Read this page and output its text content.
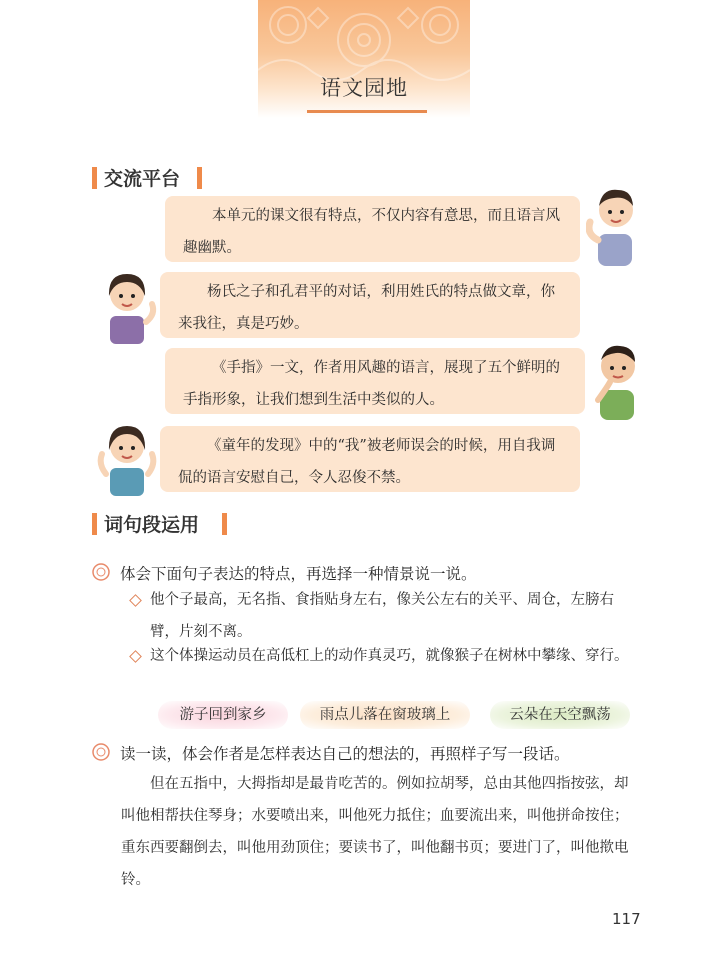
语文园地
交流平台

本单元的课文很有特点，不仅内容有意思，而且语言风趣幽默。

杨氏之子和孔君平的对话，利用姓氏的特点做文章，你来我往，真是巧妙。

《手指》一文，作者用风趣的语言，展现了五个鲜明的手指形象，让我们想到生活中类似的人。

《童年的发现》中的“我”被老师误会的时候，用自我调侃的语言安慰自己，令人忍俊不禁。

词句段运用
体会下面句子表达的特点，再选择一种情景说一说。
他个子最高，无名指、食指贴身左右，像关公左右的关平、周仓，左膀右臂，片刻不离。
这个体操运动员在高低杠上的动作真灵巧，就像猴子在树林中攀缘、穿行。
游子回到家乡	雨点儿落在窗玻璃上	云朵在天空飘荡
读一读，体会作者是怎样表达自己的想法的，再照样子写一段话。

但在五指中，大拇指却是最肯吃苦的。例如拉胡琴，总由其他四指按弦，却叫他相帮扶住琴身；水要喷出来，叫他死力抵住；血要流出来，叫他拼命按住；重东西要翻倒去，叫他用劲顶住；要读书了，叫他翻书页；要进门了，叫他揿电铃。

117
